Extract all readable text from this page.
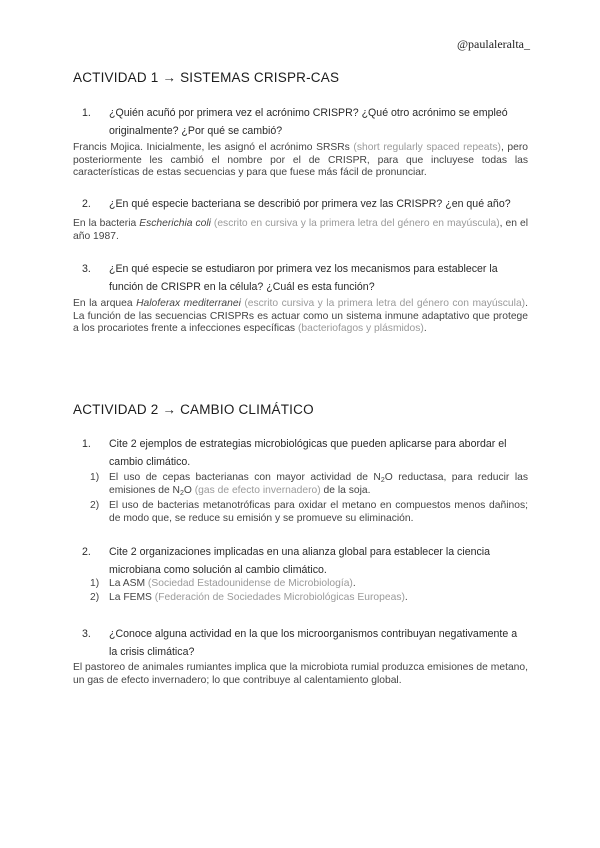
@paulaleralta_
ACTIVIDAD 1 → SISTEMAS CRISPR-CAS
1. ¿Quién acuñó por primera vez el acrónimo CRISPR? ¿Qué otro acrónimo se empleó originalmente? ¿Por qué se cambió?
Francis Mojica. Inicialmente, les asignó el acrónimo SRSRs (short regularly spaced repeats), pero posteriormente les cambió el nombre por el de CRISPR, para que incluyese todas las características de estas secuencias y para que fuese más fácil de pronunciar.
2. ¿En qué especie bacteriana se describió por primera vez las CRISPR? ¿en qué año?
En la bacteria Escherichia coli (escrito en cursiva y la primera letra del género en mayúscula), en el año 1987.
3. ¿En qué especie se estudiaron por primera vez los mecanismos para establecer la función de CRISPR en la célula? ¿Cuál es esta función?
En la arquea Haloferax mediterranei (escrito cursiva y la primera letra del género con mayúscula). La función de las secuencias CRISPRs es actuar como un sistema inmune adaptativo que protege a los procariotes frente a infecciones específicas (bacteriofagos y plásmidos).
ACTIVIDAD 2 → CAMBIO CLIMÁTICO
1. Cite 2 ejemplos de estrategias microbiológicas que pueden aplicarse para abordar el cambio climático.
1) El uso de cepas bacterianas con mayor actividad de $N_2O$ reductasa, para reducir las emisiones de $N_2O$ (gas de efecto invernadero) de la soja.
2) El uso de bacterias metanotróficas para oxidar el metano en compuestos menos dañinos; de modo que, se reduce su emisión y se promueve su eliminación.
2. Cite 2 organizaciones implicadas en una alianza global para establecer la ciencia microbiana como solución al cambio climático.
1) La ASM (Sociedad Estadounidense de Microbiología).
2) La FEMS (Federación de Sociedades Microbiológicas Europeas).
3. ¿Conoce alguna actividad en la que los microorganismos contribuyan negativamente a la crisis climática?
El pastoreo de animales rumiantes implica que la microbiota rumial produzca emisiones de metano, un gas de efecto invernadero; lo que contribuye al calentamiento global.
